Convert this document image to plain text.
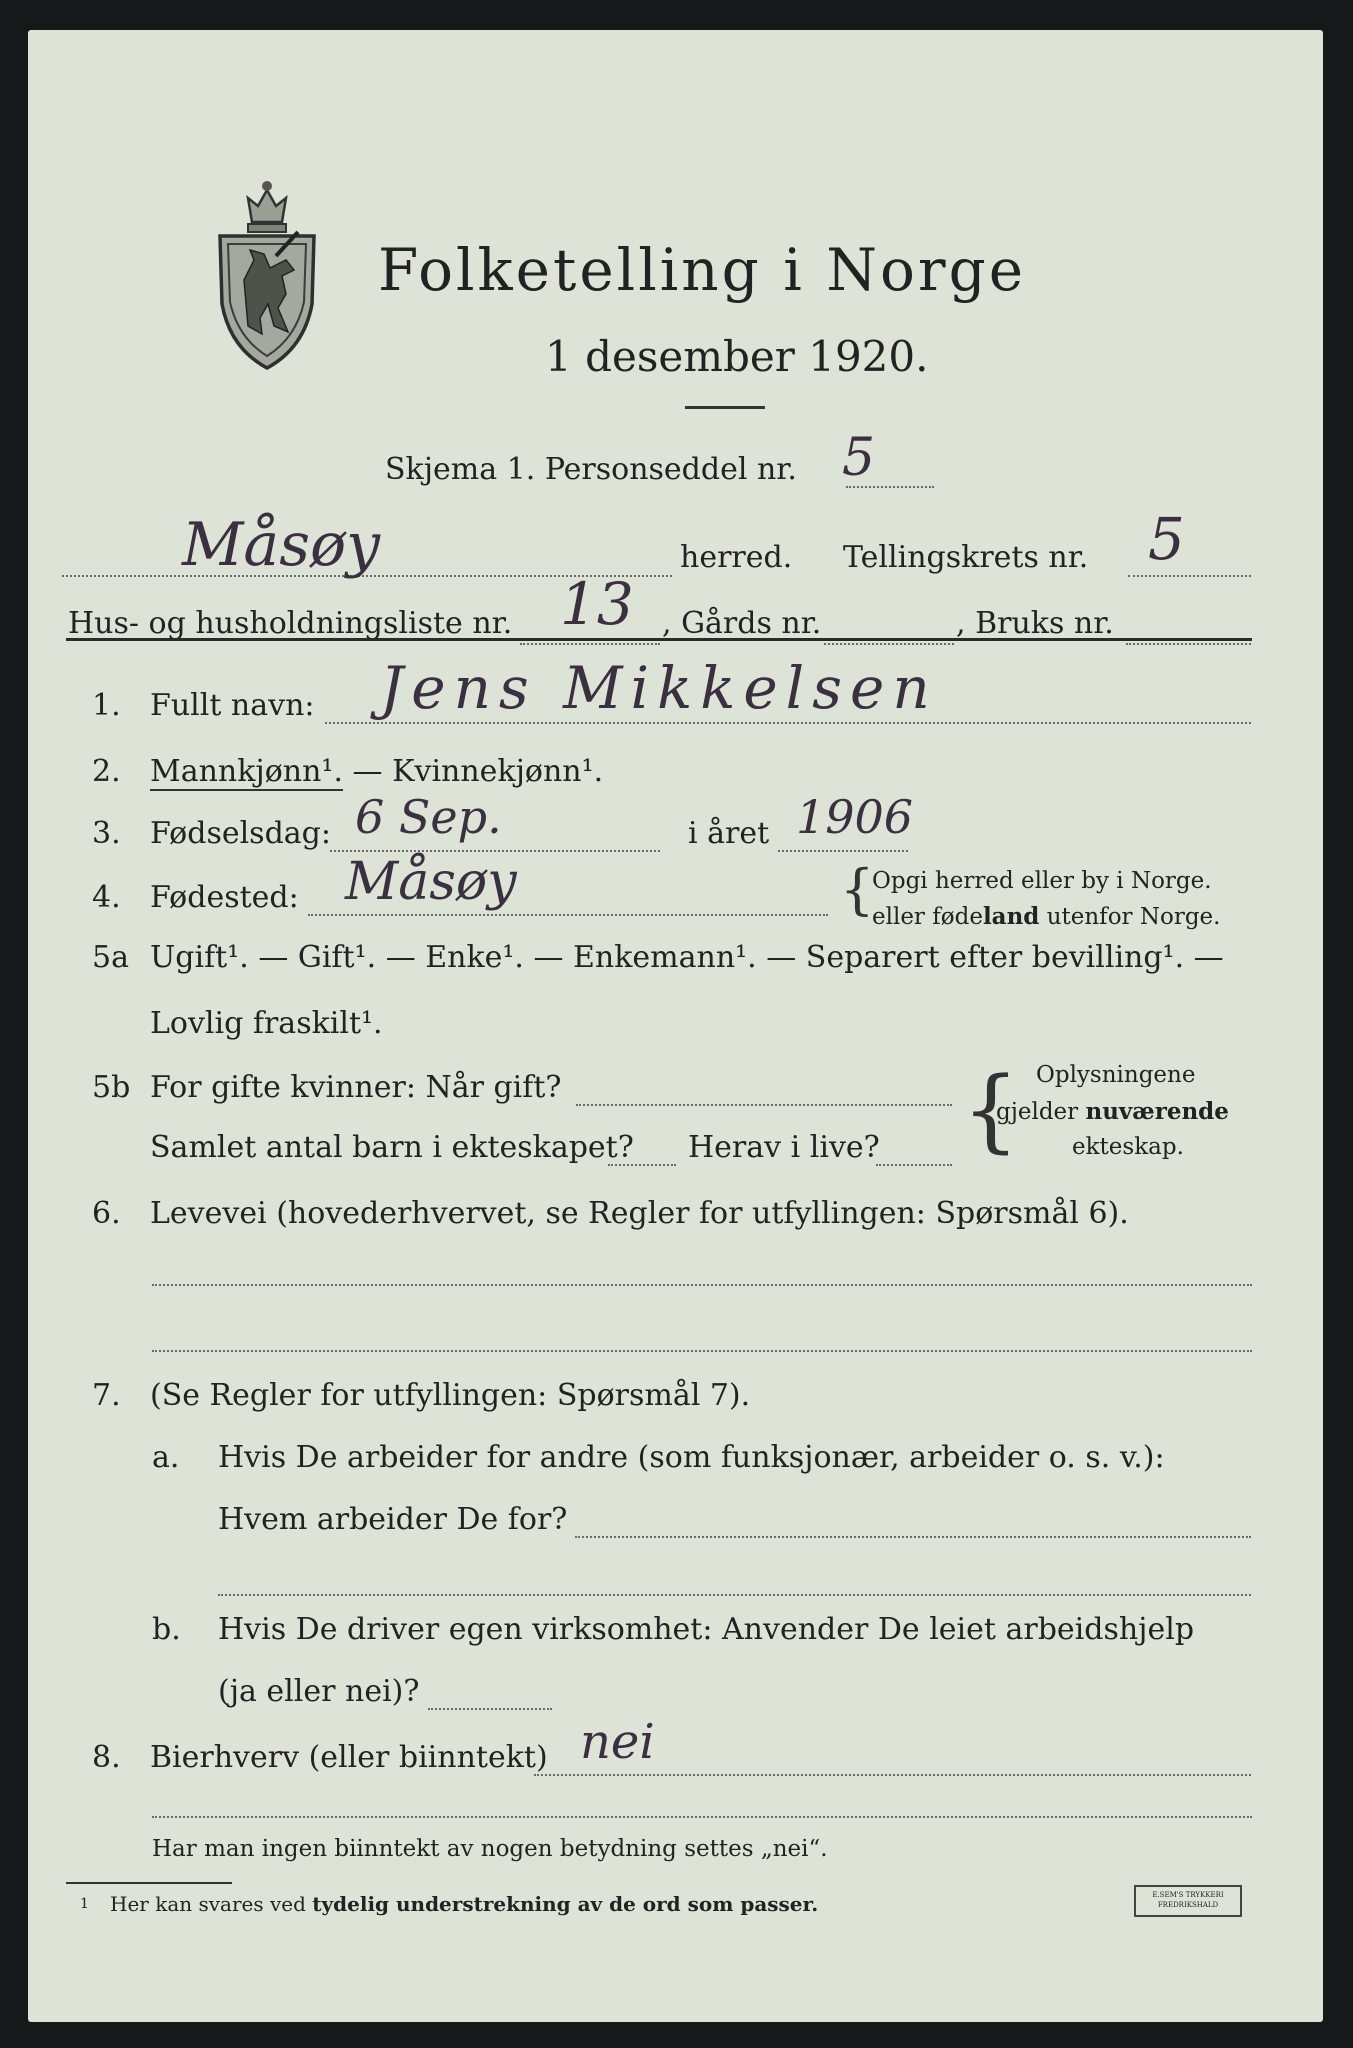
Folketelling i Norge
1 desember 1920.
Skjema 1. Personseddel nr. 5
Måsøy	herred. Tellingskrets nr. 5
Hus- og husholdningsliste nr. 13 , Gårds nr.	, Bruks nr.
1. Fullt navn: Jens Mikkelsen
2. Mannkjønn¹. — Kvinnekjønn¹.
3. Fødselsdag: 6 Sep.	i året 1906
4. Fødested: Måsøy	{
Opgi herred eller by i Norge.
eller fødeland utenfor Norge.
5a Ugift¹. — Gift¹. — Enke¹. — Enkemann¹. — Separert efter bevilling¹. —
Lovlig fraskilt¹.
5b For gifte kvinner: Når gift?
Samlet antal barn i ekteskapet? Herav i live? { Oplysningene
gjelder nuværende
ekteskap.
6. Levevei (hovederhvervet, se Regler for utfyllingen: Spørsmål 6).
7. (Se Regler for utfyllingen: Spørsmål 7).
a. Hvis De arbeider for andre (som funksjonær, arbeider o. s. v.):
Hvem arbeider De for?
b. Hvis De driver egen virksomhet: Anvender De leiet arbeidshjelp
(ja eller nei)?
8. Bierhverv (eller biinntekt) nei
Har man ingen biinntekt av nogen betydning settes „nei“.
1 Her kan svares ved tydelig understrekning av de ord som passer.	E.SEM'S TRYKKERI
FREDRIKSHALD
